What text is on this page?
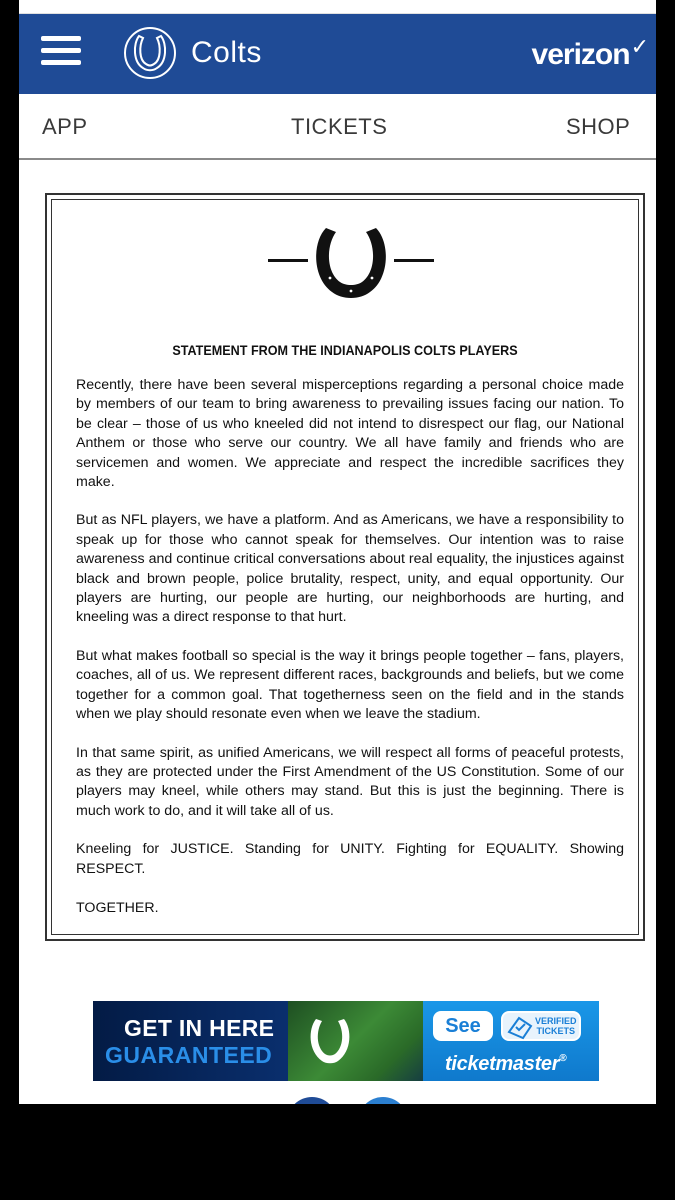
Colts	verizon✓
APP	TICKETS	SHOP
STATEMENT FROM THE INDIANAPOLIS COLTS PLAYERS

Recently, there have been several misperceptions regarding a personal choice made by members of our team to bring awareness to prevailing issues facing our nation. To be clear – those of us who kneeled did not intend to disrespect our flag, our National Anthem or those who serve our country. We all have family and friends who are servicemen and women. We appreciate and respect the incredible sacrifices they make.

But as NFL players, we have a platform. And as Americans, we have a responsibility to speak up for those who cannot speak for themselves. Our intention was to raise awareness and continue critical conversations about real equality, the injustices against black and brown people, police brutality, respect, unity, and equal opportunity. Our players are hurting, our people are hurting, our neighborhoods are hurting, and kneeling was a direct response to that hurt.

But what makes football so special is the way it brings people together – fans, players, coaches, all of us. We represent different races, backgrounds and beliefs, but we come together for a common goal. That togetherness seen on the field and in the stands when we play should resonate even when we leave the stadium.

In that same spirit, as unified Americans, we will respect all forms of peaceful protests, as they are protected under the First Amendment of the US Constitution. Some of our players may kneel, while others may stand. But this is just the beginning. There is much work to do, and it will take all of us.

Kneeling for JUSTICE. Standing for UNITY. Fighting for EQUALITY. Showing RESPECT.

TOGETHER.

GET IN HERE
GUARANTEED
See	VERIFIED
TICKETS
ticketmaster®
